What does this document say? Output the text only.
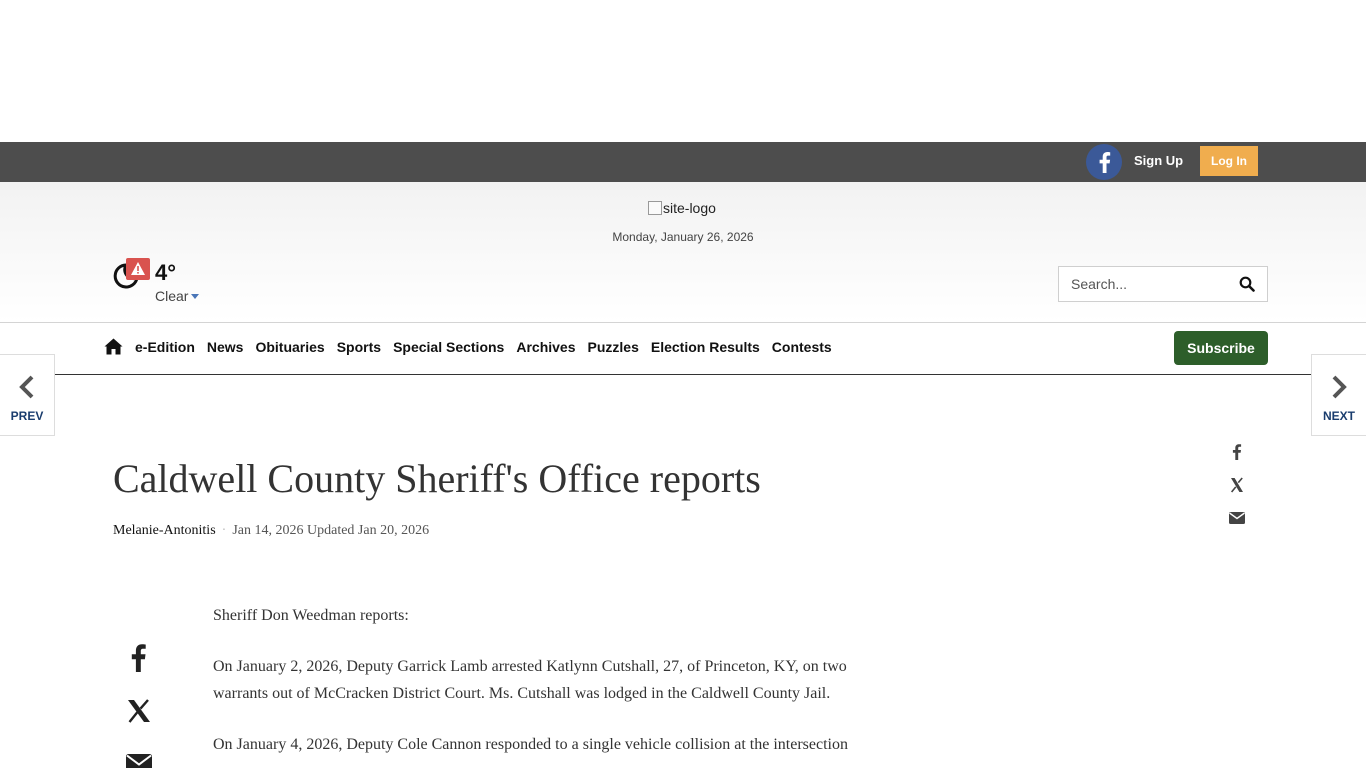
Sign Up	Log In
site-logo
Monday, January 26, 2026
4°
Clear
Search...
e-Edition News Obituaries Sports Special Sections Archives Puzzles Election Results Contests	Subscribe
PREV	NEXT
Caldwell County Sheriff's Office reports
Melanie-Antonitis · Jan 14, 2026 Updated Jan 20, 2026

Sheriff Don Weedman reports:

On January 2, 2026, Deputy Garrick Lamb arrested Katlynn Cutshall, 27, of Princeton, KY, on two warrants out of McCracken District Court. Ms. Cutshall was lodged in the Caldwell County Jail.

On January 4, 2026, Deputy Cole Cannon responded to a single vehicle collision at the intersection
